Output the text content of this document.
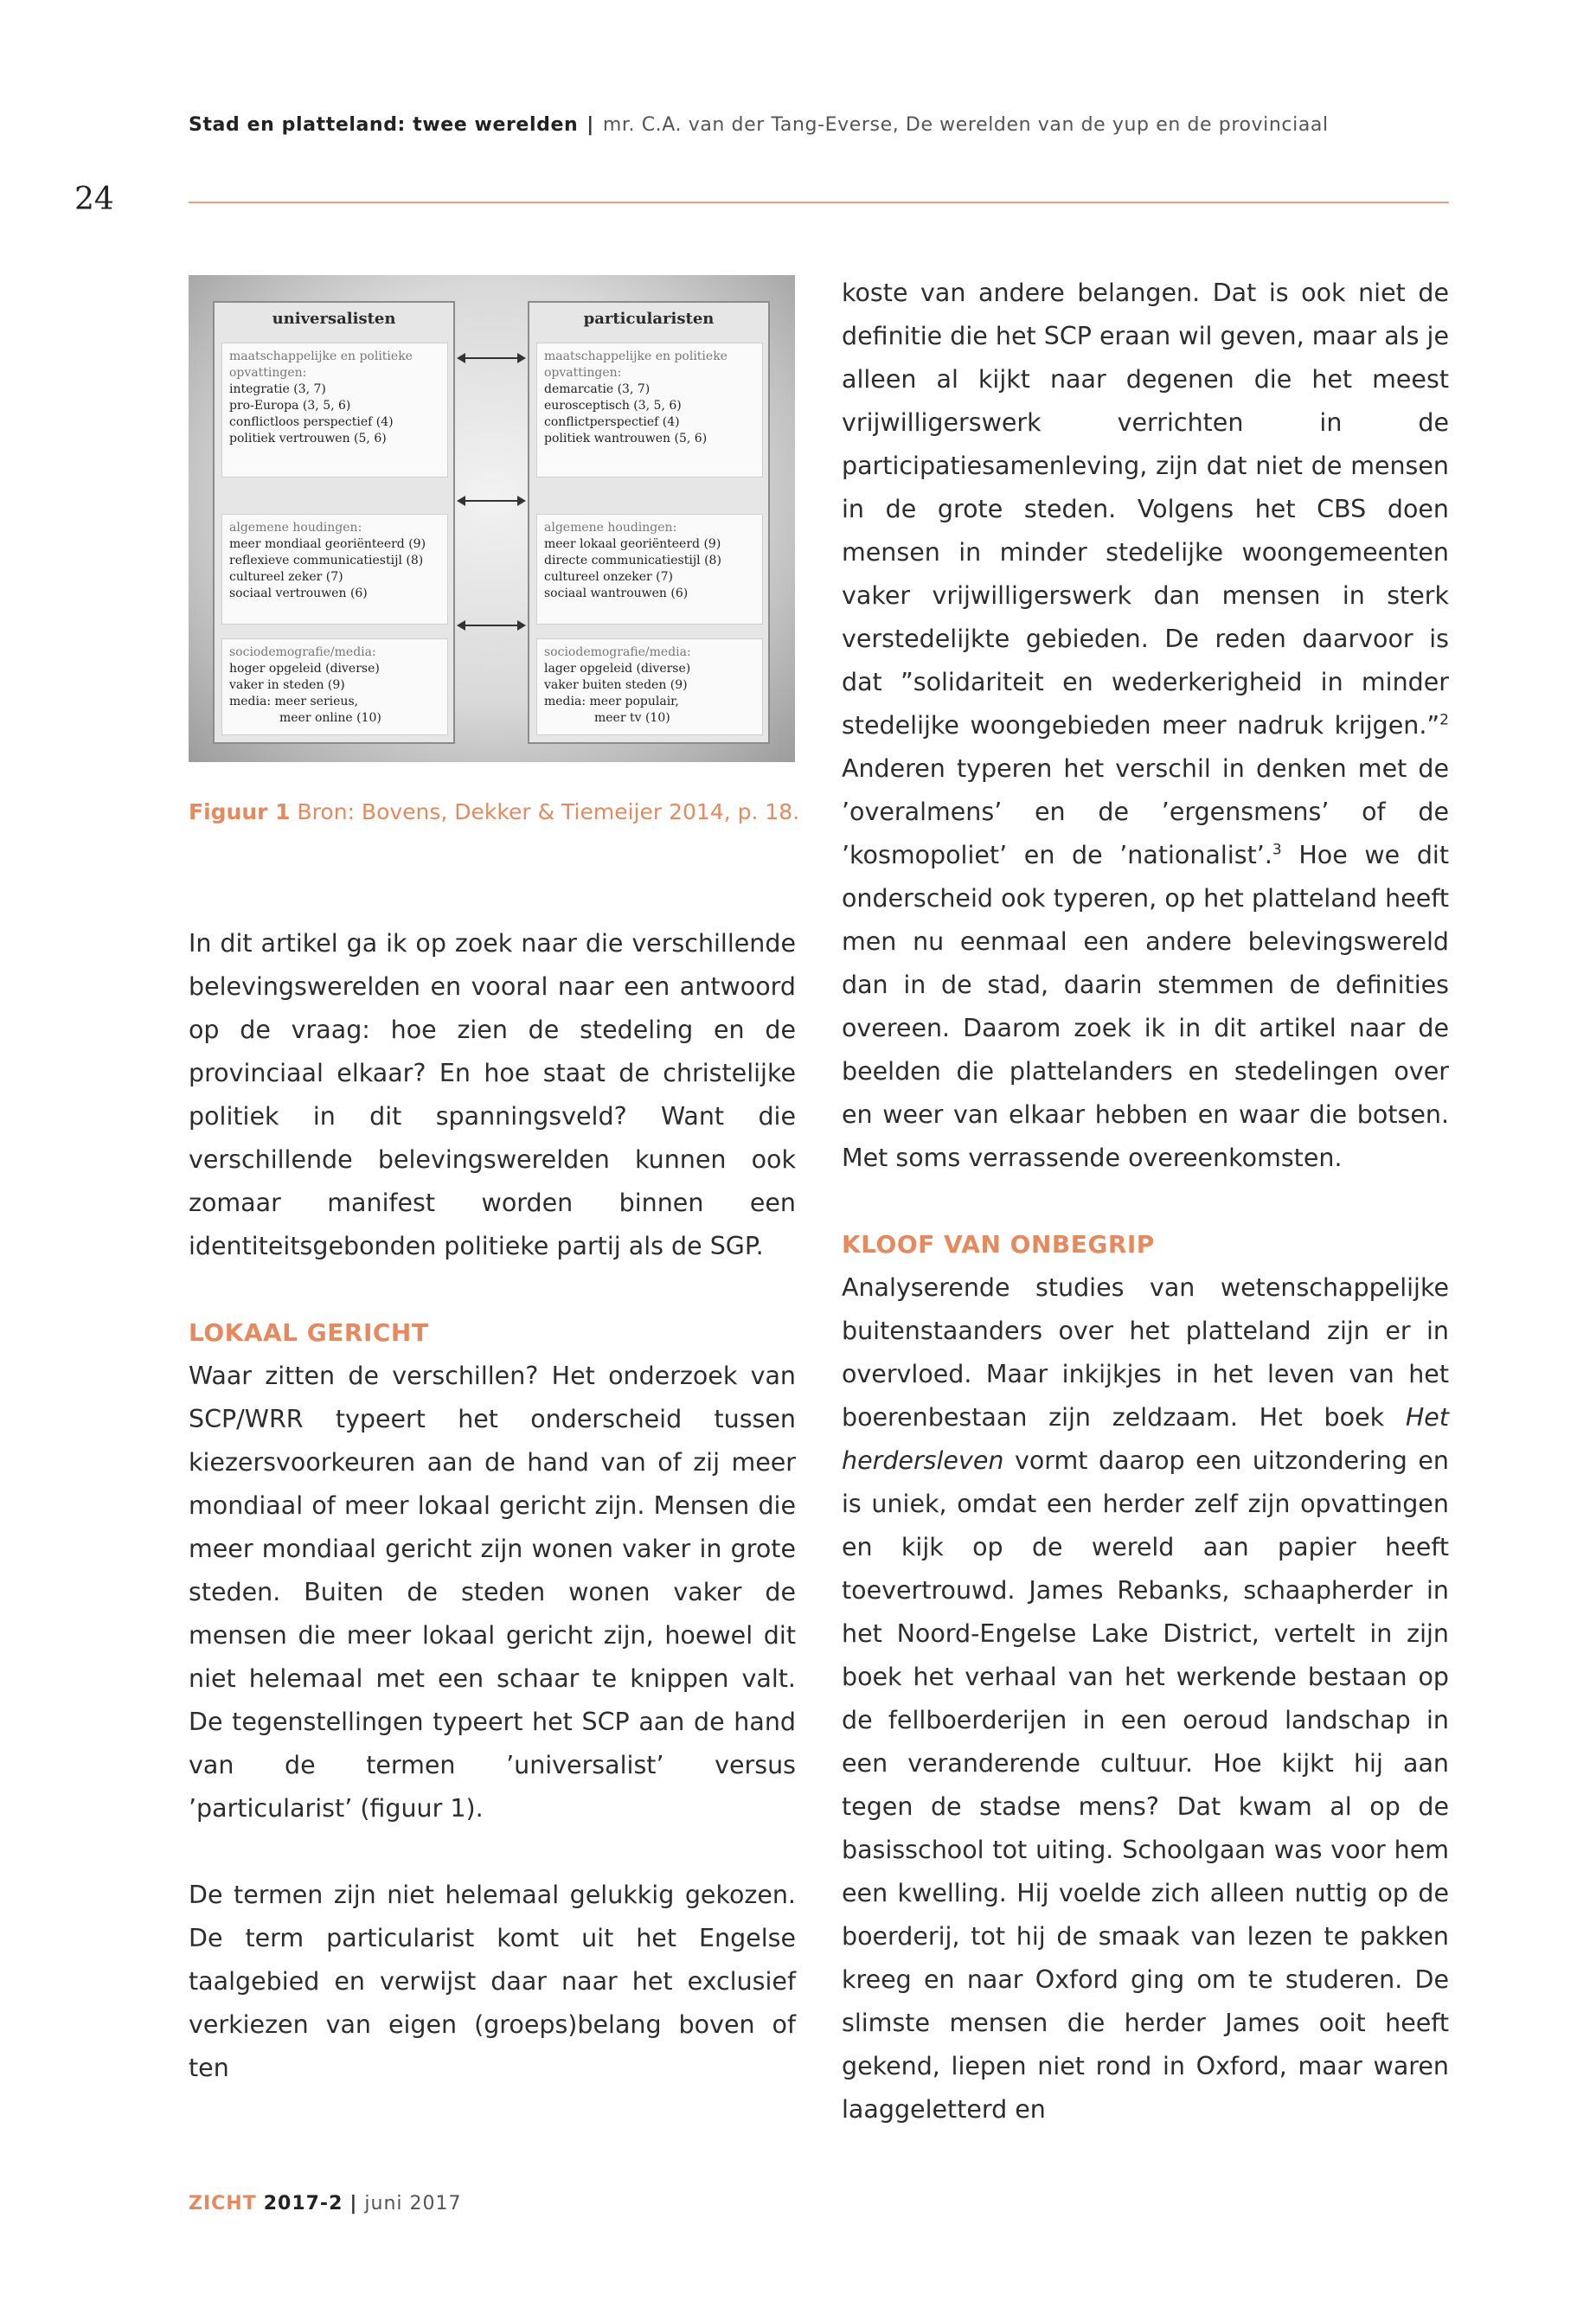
Stad en platteland: twee werelden | mr. C.A. van der Tang-Everse, De werelden van de yup en de provinciaal
24
universalisten
maatschappelijke en politieke opvattingen:
integratie (3, 7)
pro-Europa (3, 5, 6)
conflictloos perspectief (4)
politiek vertrouwen (5, 6)
algemene houdingen:
meer mondiaal georiënteerd (9)
reflexieve communicatiestijl (8)
cultureel zeker (7)
sociaal vertrouwen (6)
sociodemografie/media:
hoger opgeleid (diverse)
vaker in steden (9)
media: meer serieus,
meer online (10)
particularisten
maatschappelijke en politieke opvattingen:
demarcatie (3, 7)
eurosceptisch (3, 5, 6)
conflictperspectief (4)
politiek wantrouwen (5, 6)
algemene houdingen:
meer lokaal georiënteerd (9)
directe communicatiestijl (8)
cultureel onzeker (7)
sociaal wantrouwen (6)
sociodemografie/media:
lager opgeleid (diverse)
vaker buiten steden (9)
media: meer populair,
meer tv (10)
Figuur 1 Bron: Bovens, Dekker & Tiemeijer 2014, p. 18.

In dit artikel ga ik op zoek naar die verschillende belevingswerelden en vooral naar een antwoord op de vraag: hoe zien de stedeling en de provinciaal elkaar? En hoe staat de christelijke politiek in dit spanningsveld? Want die verschillende belevingswerelden kunnen ook zomaar manifest worden binnen een identiteitsgebonden politieke partij als de SGP.

LOKAAL GERICHT

Waar zitten de verschillen? Het onderzoek van SCP/WRR typeert het onderscheid tussen kiezersvoorkeuren aan de hand van of zij meer mondiaal of meer lokaal gericht zijn. Mensen die meer mondiaal gericht zijn wonen vaker in grote steden. Buiten de steden wonen vaker de mensen die meer lokaal gericht zijn, hoewel dit niet helemaal met een schaar te knippen valt. De tegenstellingen typeert het SCP aan de hand van de termen ’universalist’ versus ’particularist’ (figuur 1).

De termen zijn niet helemaal gelukkig gekozen. De term particularist komt uit het Engelse taalgebied en verwijst daar naar het exclusief verkiezen van eigen (groeps)belang boven of ten

koste van andere belangen. Dat is ook niet de definitie die het SCP eraan wil geven, maar als je alleen al kijkt naar degenen die het meest vrijwilligerswerk verrichten in de participatiesamenleving, zijn dat niet de mensen in de grote steden. Volgens het CBS doen mensen in minder stedelijke woongemeenten vaker vrijwilligerswerk dan mensen in sterk verstedelijkte gebieden. De reden daarvoor is dat ”solidariteit en wederkerigheid in minder stedelijke woongebieden meer nadruk krijgen.”$^2$ Anderen typeren het verschil in denken met de ’overalmens’ en de ’ergensmens’ of de ’kosmopoliet’ en de ’nationalist’.$^3$ Hoe we dit onderscheid ook typeren, op het platteland heeft men nu eenmaal een andere belevingswereld dan in de stad, daarin stemmen de definities overeen. Daarom zoek ik in dit artikel naar de beelden die plattelanders en stedelingen over en weer van elkaar hebben en waar die botsen. Met soms verrassende overeenkomsten.

KLOOF VAN ONBEGRIP

Analyserende studies van wetenschappelijke buitenstaanders over het platteland zijn er in overvloed. Maar inkijkjes in het leven van het boerenbestaan zijn zeldzaam. Het boek Het herdersleven vormt daarop een uitzondering en is uniek, omdat een herder zelf zijn opvattingen en kijk op de wereld aan papier heeft toevertrouwd. James Rebanks, schaapherder in het Noord-Engelse Lake District, vertelt in zijn boek het verhaal van het werkende bestaan op de fellboerderijen in een oeroud landschap in een veranderende cultuur. Hoe kijkt hij aan tegen de stadse mens? Dat kwam al op de basisschool tot uiting. Schoolgaan was voor hem een kwelling. Hij voelde zich alleen nuttig op de boerderij, tot hij de smaak van lezen te pakken kreeg en naar Oxford ging om te studeren. De slimste mensen die herder James ooit heeft gekend, liepen niet rond in Oxford, maar waren laaggeletterd en

ZICHT 2017-2 | juni 2017
